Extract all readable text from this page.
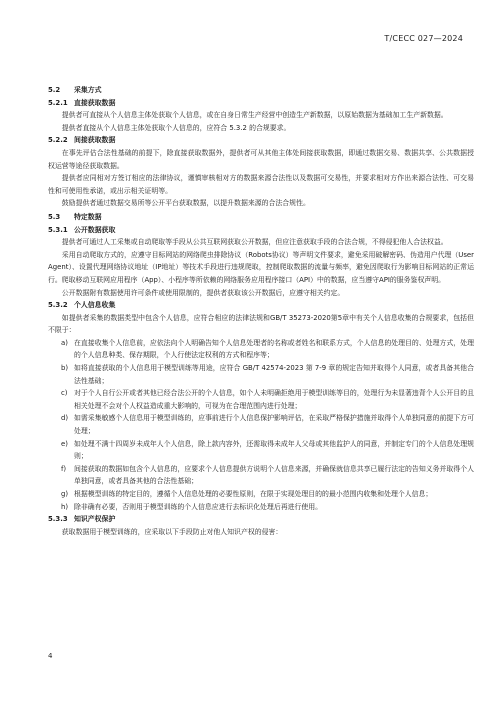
T/CECC 027—2024
5.2 采集方式
5.2.1 直接获取数据

提供者可直接从个人信息主体处获取个人信息，或在自身日常生产经营中创造生产新数据，以原始数据为基础加工生产新数据。

提供者直接从个人信息主体处获取个人信息的，应符合 5.3.2 的合规要求。

5.2.2 间接获取数据

在事先评估合法性基础的前提下，除直接获取数据外，提供者可从其他主体处间接获取数据，即通过数据交易、数据共享、公共数据授权运营等途径获取数据。

提供者应同相对方签订相应的法律协议，谨慎审核相对方的数据来源合法性以及数据可交易性，并要求相对方作出来源合法性、可交易性和可使用性承诺，或出示相关证明等。

鼓励提供者通过数据交易所等公开平台获取数据，以提升数据来源的合法合规性。

5.3 特定数据
5.3.1 公开数据获取

提供者可通过人工采集或自动爬取等手段从公共互联网获取公开数据，但应注意获取手段的合法合规，不得侵犯他人合法权益。

采用自动爬取方式的，应遵守目标网站的网络爬虫排除协议（Robots协议）等声明文件要求，避免采用破解密码、伪造用户代理（User Agent）、设置代理网络协议地址（IP地址）等技术手段进行违规爬取，控制爬取数据的流量与频率，避免因爬取行为影响目标网站的正常运行。爬取移动互联网应用程序（App）、小程序等所依赖的网络服务应用程序接口（API）中的数据，应当遵守API的服务鉴权声明。

公开数据附有数据使用许可条件或使用限制的，提供者获取该公开数据后，应遵守相关约定。

5.3.2 个人信息收集

如提供者采集的数据类型中包含个人信息，应符合相应的法律法规和GB/T 35273-2020第5章中有关个人信息收集的合规要求，包括但不限于：

a) 在直接收集个人信息前，应依法向个人明确告知个人信息处理者的名称或者姓名和联系方式，个人信息的处理目的、处理方式，处理的个人信息种类、保存期限，个人行使法定权利的方式和程序等；
b) 如将直接获取的个人信息用于模型训练等用途，应符合 GB/T 42574-2023 第 7-9 章的规定告知并取得个人同意，或者具备其他合法性基础；
c) 对于个人自行公开或者其他已经合法公开的个人信息，如个人未明确拒绝用于模型训练等目的，处理行为未显著违背个人公开目的且相关处理不会对个人权益造成重大影响的，可视为在合理范围内进行处理；
d) 如需采集敏感个人信息用于模型训练的，应事前进行个人信息保护影响评估，在采取严格保护措施并取得个人单独同意的前提下方可处理；
e) 如处理不满十四周岁未成年人个人信息，除上款内容外，还需取得未成年人父母或其他监护人的同意，并制定专门的个人信息处理规则；
f) 间接获取的数据如包含个人信息的，应要求个人信息提供方说明个人信息来源，并确保就信息共享已履行法定的告知义务并取得个人单独同意，或者具备其他的合法性基础；
g) 根据模型训练的特定目的，遵循个人信息处理的必要性原则，在限于实现处理目的的最小范围内收集和处理个人信息；
h) 除非确有必要，否则用于模型训练的个人信息应进行去标识化处理后再进行使用。
5.3.3 知识产权保护

获取数据用于模型训练的，应采取以下手段防止对他人知识产权的侵害：

4
